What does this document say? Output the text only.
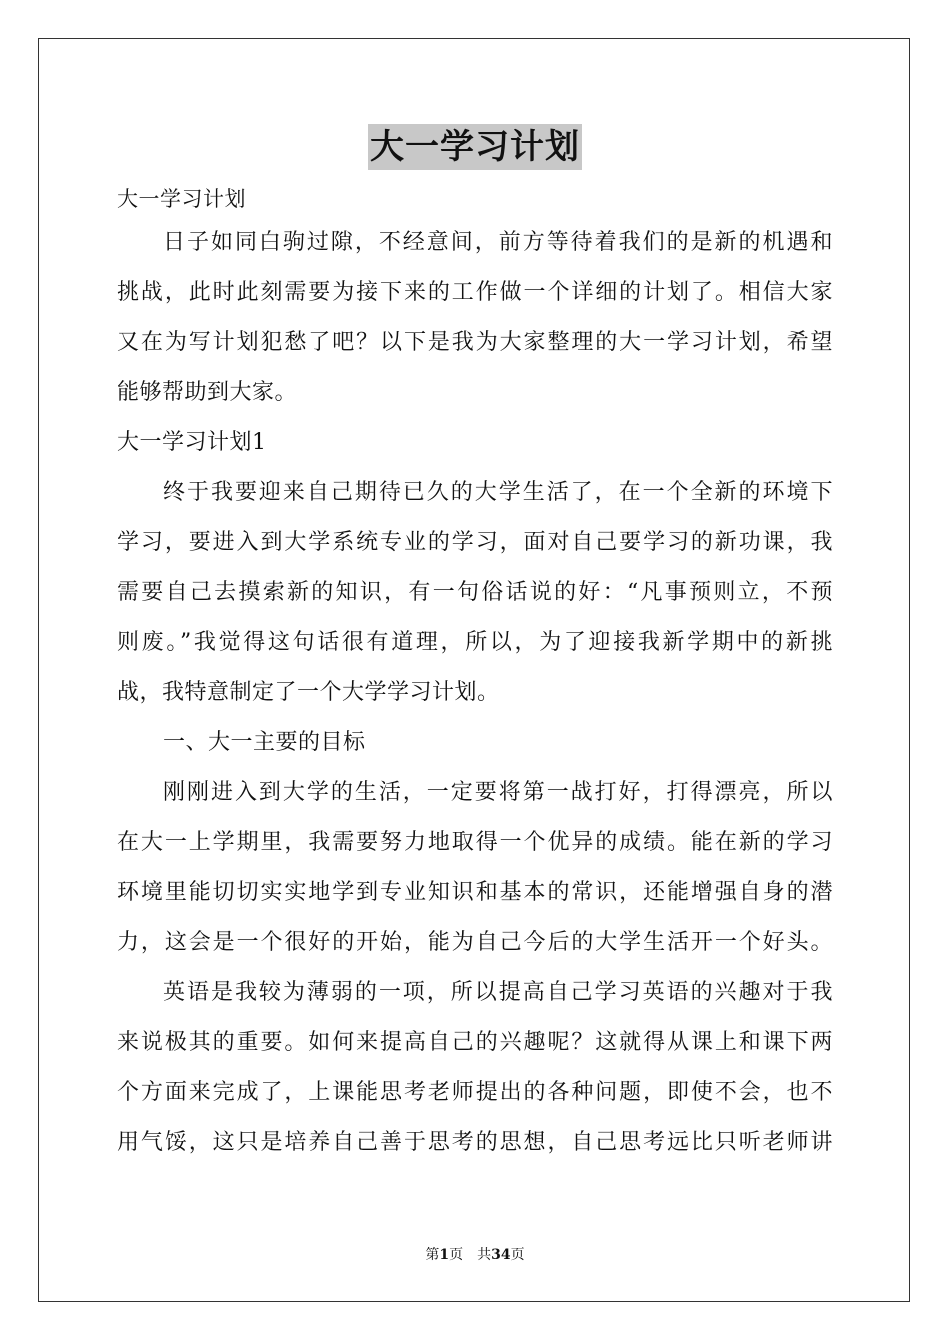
大一学习计划
大一学习计划
日子如同白驹过隙，不经意间，前方等待着我们的是新的机遇和
挑战，此时此刻需要为接下来的工作做一个详细的计划了。相信大家
又在为写计划犯愁了吧？以下是我为大家整理的大一学习计划，希望
能够帮助到大家。
大一学习计划1
终于我要迎来自己期待已久的大学生活了，在一个全新的环境下
学习，要进入到大学系统专业的学习，面对自己要学习的新功课，我
需要自己去摸索新的知识，有一句俗话说的好：“凡事预则立，不预
则废。”我觉得这句话很有道理，所以，为了迎接我新学期中的新挑
战，我特意制定了一个大学学习计划。
一、大一主要的目标
刚刚进入到大学的生活，一定要将第一战打好，打得漂亮，所以
在大一上学期里，我需要努力地取得一个优异的成绩。能在新的学习
环境里能切切实实地学到专业知识和基本的常识，还能增强自身的潜
力，这会是一个很好的开始，能为自己今后的大学生活开一个好头。
英语是我较为薄弱的一项，所以提高自己学习英语的兴趣对于我
来说极其的重要。如何来提高自己的兴趣呢？这就得从课上和课下两
个方面来完成了，上课能思考老师提出的各种问题，即使不会，也不
用气馁，这只是培养自己善于思考的思想，自己思考远比只听老师讲
第1页　共34页
